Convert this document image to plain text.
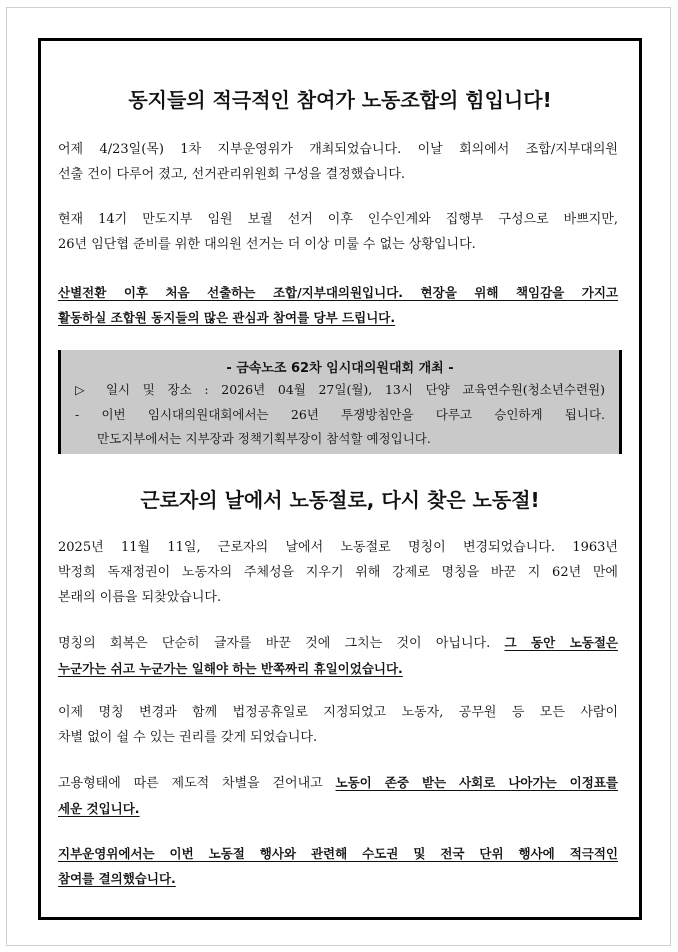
동지들의 적극적인 참여가 노동조합의 힘입니다!
어제 4/23일(목) 1차 지부운영위가 개최되었습니다. 이날 회의에서 조합/지부대의원
선출 건이 다루어 졌고, 선거관리위원회 구성을 결정했습니다.
현재 14기 만도지부 임원 보궐 선거 이후 인수인계와 집행부 구성으로 바쁘지만,
26년 임단협 준비를 위한 대의원 선거는 더 이상 미룰 수 없는 상황입니다.
산별전환 이후 처음 선출하는 조합/지부대의원입니다. 현장을 위해 책임감을 가지고
활동하실 조합원 동지들의 많은 관심과 참여를 당부 드립니다.
- 금속노조 62차 임시대의원대회 개최 -
▷ 일시 및 장소 : 2026년 04월 27일(월), 13시 단양 교육연수원(청소년수련원)
- 이번 임시대의원대회에서는 26년 투쟁방침안을 다루고 승인하게 됩니다.
만도지부에서는 지부장과 정책기획부장이 참석할 예정입니다.
근로자의 날에서 노동절로, 다시 찾은 노동절!
2025년 11월 11일, 근로자의 날에서 노동절로 명칭이 변경되었습니다. 1963년
박정희 독재정권이 노동자의 주체성을 지우기 위해 강제로 명칭을 바꾼 지 62년 만에
본래의 이름을 되찾았습니다.
명칭의 회복은 단순히 글자를 바꾼 것에 그치는 것이 아닙니다. 그 동안 노동절은
누군가는 쉬고 누군가는 일해야 하는 반쪽짜리 휴일이었습니다.
이제 명칭 변경과 함께 법정공휴일로 지정되었고 노동자, 공무원 등 모든 사람이
차별 없이 쉴 수 있는 권리를 갖게 되었습니다.
고용형태에 따른 제도적 차별을 걷어내고 노동이 존중 받는 사회로 나아가는 이정표를
세운 것입니다.
지부운영위에서는 이번 노동절 행사와 관련해 수도권 및 전국 단위 행사에 적극적인
참여를 결의했습니다.
